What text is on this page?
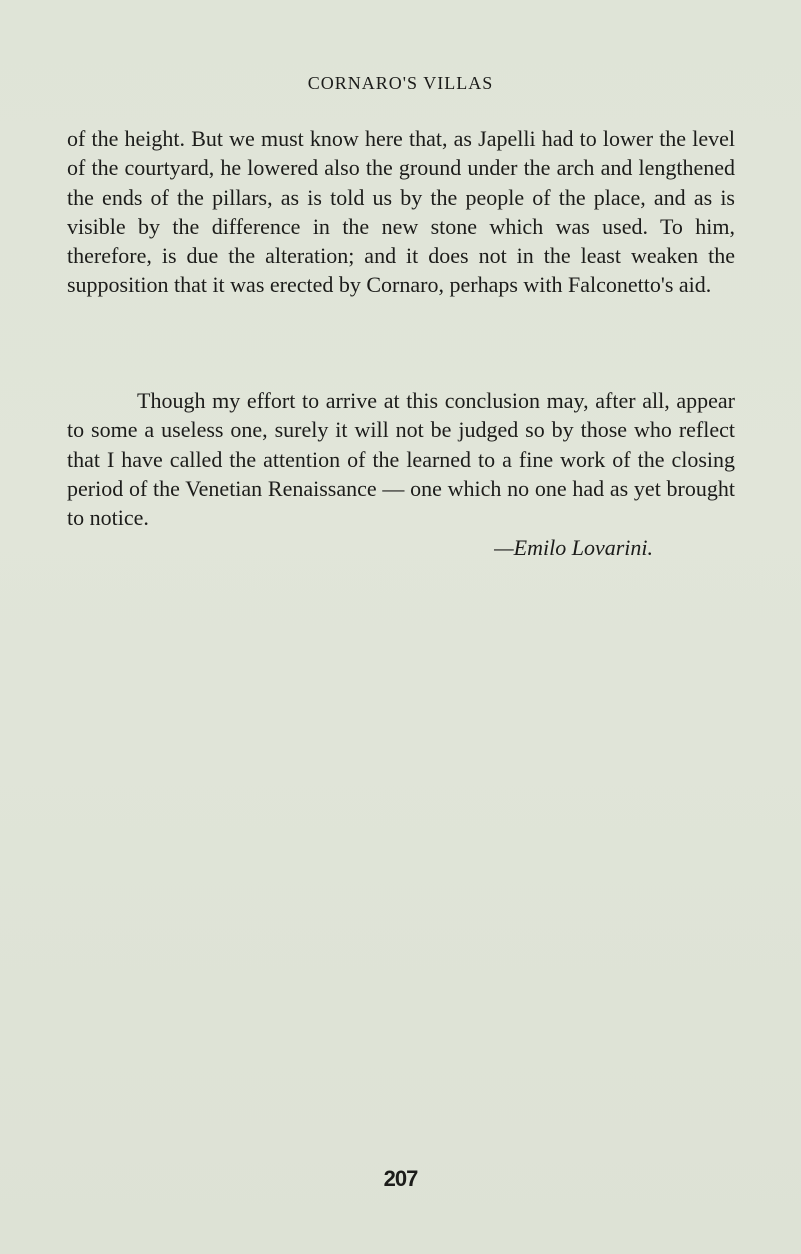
CORNARO'S VILLAS

of the height. But we must know here that, as Japelli had to lower the level of the courtyard, he lowered also the ground under the arch and lengthened the ends of the pillars, as is told us by the people of the place, and as is visible by the difference in the new stone which was used. To him, therefore, is due the alteration; and it does not in the least weaken the supposition that it was erected by Cornaro, perhaps with Falconetto's aid.

Though my effort to arrive at this conclusion may, after all, appear to some a useless one, surely it will not be judged so by those who reflect that I have called the attention of the learned to a fine work of the closing period of the Venetian Renaissance — one which no one had as yet brought to notice.

—Emilo Lovarini.

207
